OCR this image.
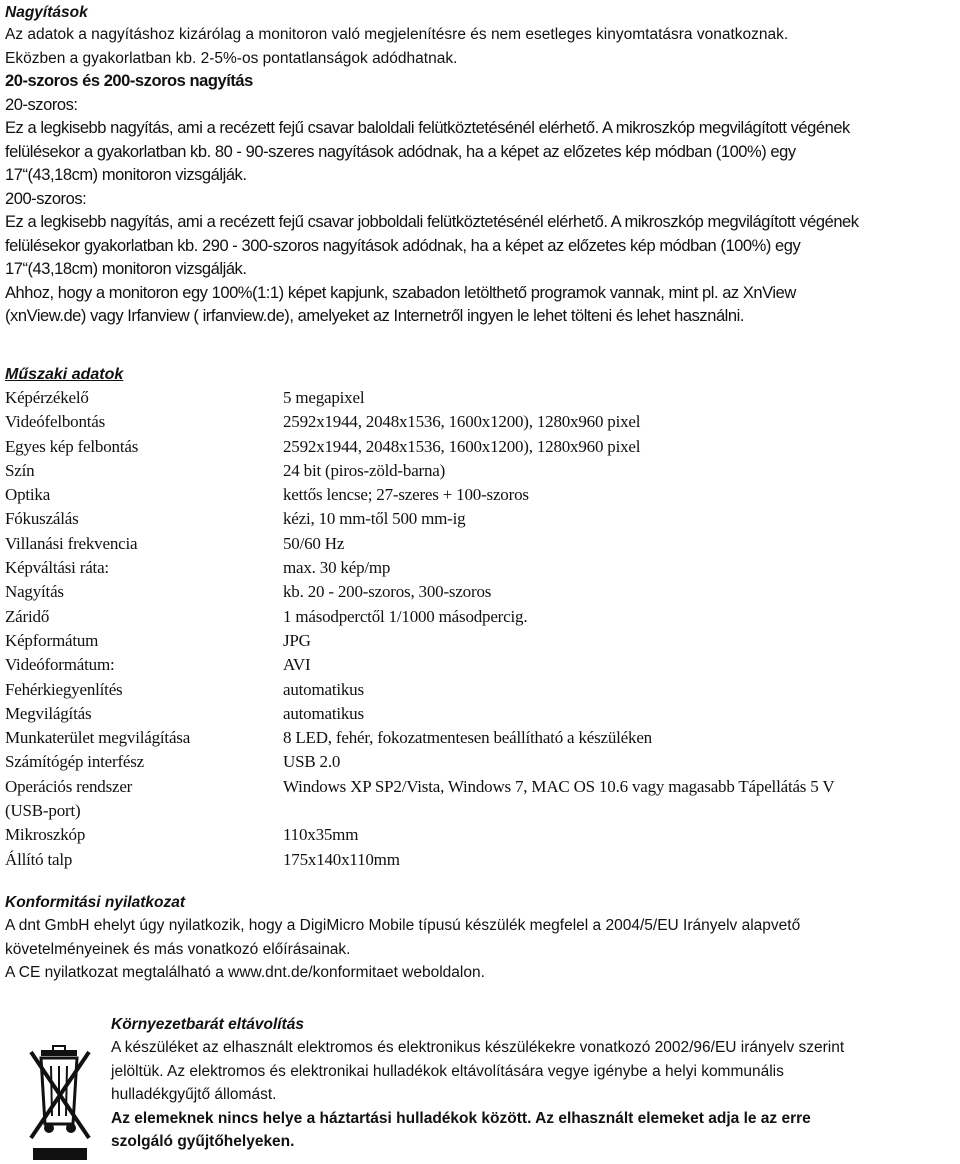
Nagyítások

Az adatok a nagyításhoz kizárólag a monitoron való megjelenítésre és nem esetleges kinyomtatásra vonatkoznak.

Eközben a gyakorlatban kb. 2-5%-os pontatlanságok adódhatnak.

20-szoros és 200-szoros nagyítás

20-szoros:

Ez a legkisebb nagyítás, ami a recézett fejű csavar baloldali felütköztetésénél elérhető. A mikroszkóp megvilágított végének

felülésekor a gyakorlatban kb. 80 - 90-szeres nagyítások adódnak, ha a képet az előzetes kép módban (100%) egy

17“(43,18cm) monitoron vizsgálják.

200-szoros:

Ez a legkisebb nagyítás, ami a recézett fejű csavar jobboldali felütköztetésénél elérhető. A mikroszkóp megvilágított végének

felülésekor gyakorlatban kb. 290 - 300-szoros nagyítások adódnak, ha a képet az előzetes kép módban (100%) egy

17“(43,18cm) monitoron vizsgálják.

Ahhoz, hogy a monitoron egy 100%(1:1) képet kapjunk, szabadon letölthető programok vannak, mint pl. az XnView

(xnView.de) vagy Irfanview ( irfanview.de), amelyeket az Internetről ingyen le lehet tölteni és lehet használni.

Műszaki adatok
Képérzékelő	5 megapixel
Videófelbontás	2592x1944, 2048x1536, 1600x1200), 1280x960 pixel
Egyes kép felbontás	2592x1944, 2048x1536, 1600x1200), 1280x960 pixel
Szín	24 bit (piros-zöld-barna)
Optika	kettős lencse; 27-szeres + 100-szoros
Fókuszálás	kézi, 10 mm-től 500 mm-ig
Villanási frekvencia	50/60 Hz
Képváltási ráta:	max. 30 kép/mp
Nagyítás	kb. 20 - 200-szoros, 300-szoros
Záridő	1 másodperctől 1/1000 másodpercig.
Képformátum	JPG
Videóformátum:	AVI
Fehérkiegyenlítés	automatikus
Megvilágítás	automatikus
Munkaterület megvilágítása	8 LED, fehér, fokozatmentesen beállítható a készüléken
Számítógép interfész	USB 2.0
Operációs rendszer	Windows XP SP2/Vista, Windows 7, MAC OS 10.6 vagy magasabb Tápellátás 5 V
(USB-port)
Mikroszkóp	110x35mm
Állító talp	175x140x110mm
Konformitási nyilatkozat

A dnt GmbH ehelyt úgy nyilatkozik, hogy a DigiMicro Mobile típusú készülék megfelel a 2004/5/EU Irányelv alapvető

követelményeinek és más vonatkozó előírásainak.

A CE nyilatkozat megtalálható a www.dnt.de/konformitaet weboldalon.

Környezetbarát eltávolítás

A készüléket az elhasznált elektromos és elektronikus készülékekre vonatkozó 2002/96/EU irányelv szerint

jelöltük. Az elektromos és elektronikai hulladékok eltávolítására vegye igénybe a helyi kommunális

hulladékgyűjtő állomást.

Az elemeknek nincs helye a háztartási hulladékok között. Az elhasznált elemeket adja le az erre

szolgáló gyűjtőhelyeken.
